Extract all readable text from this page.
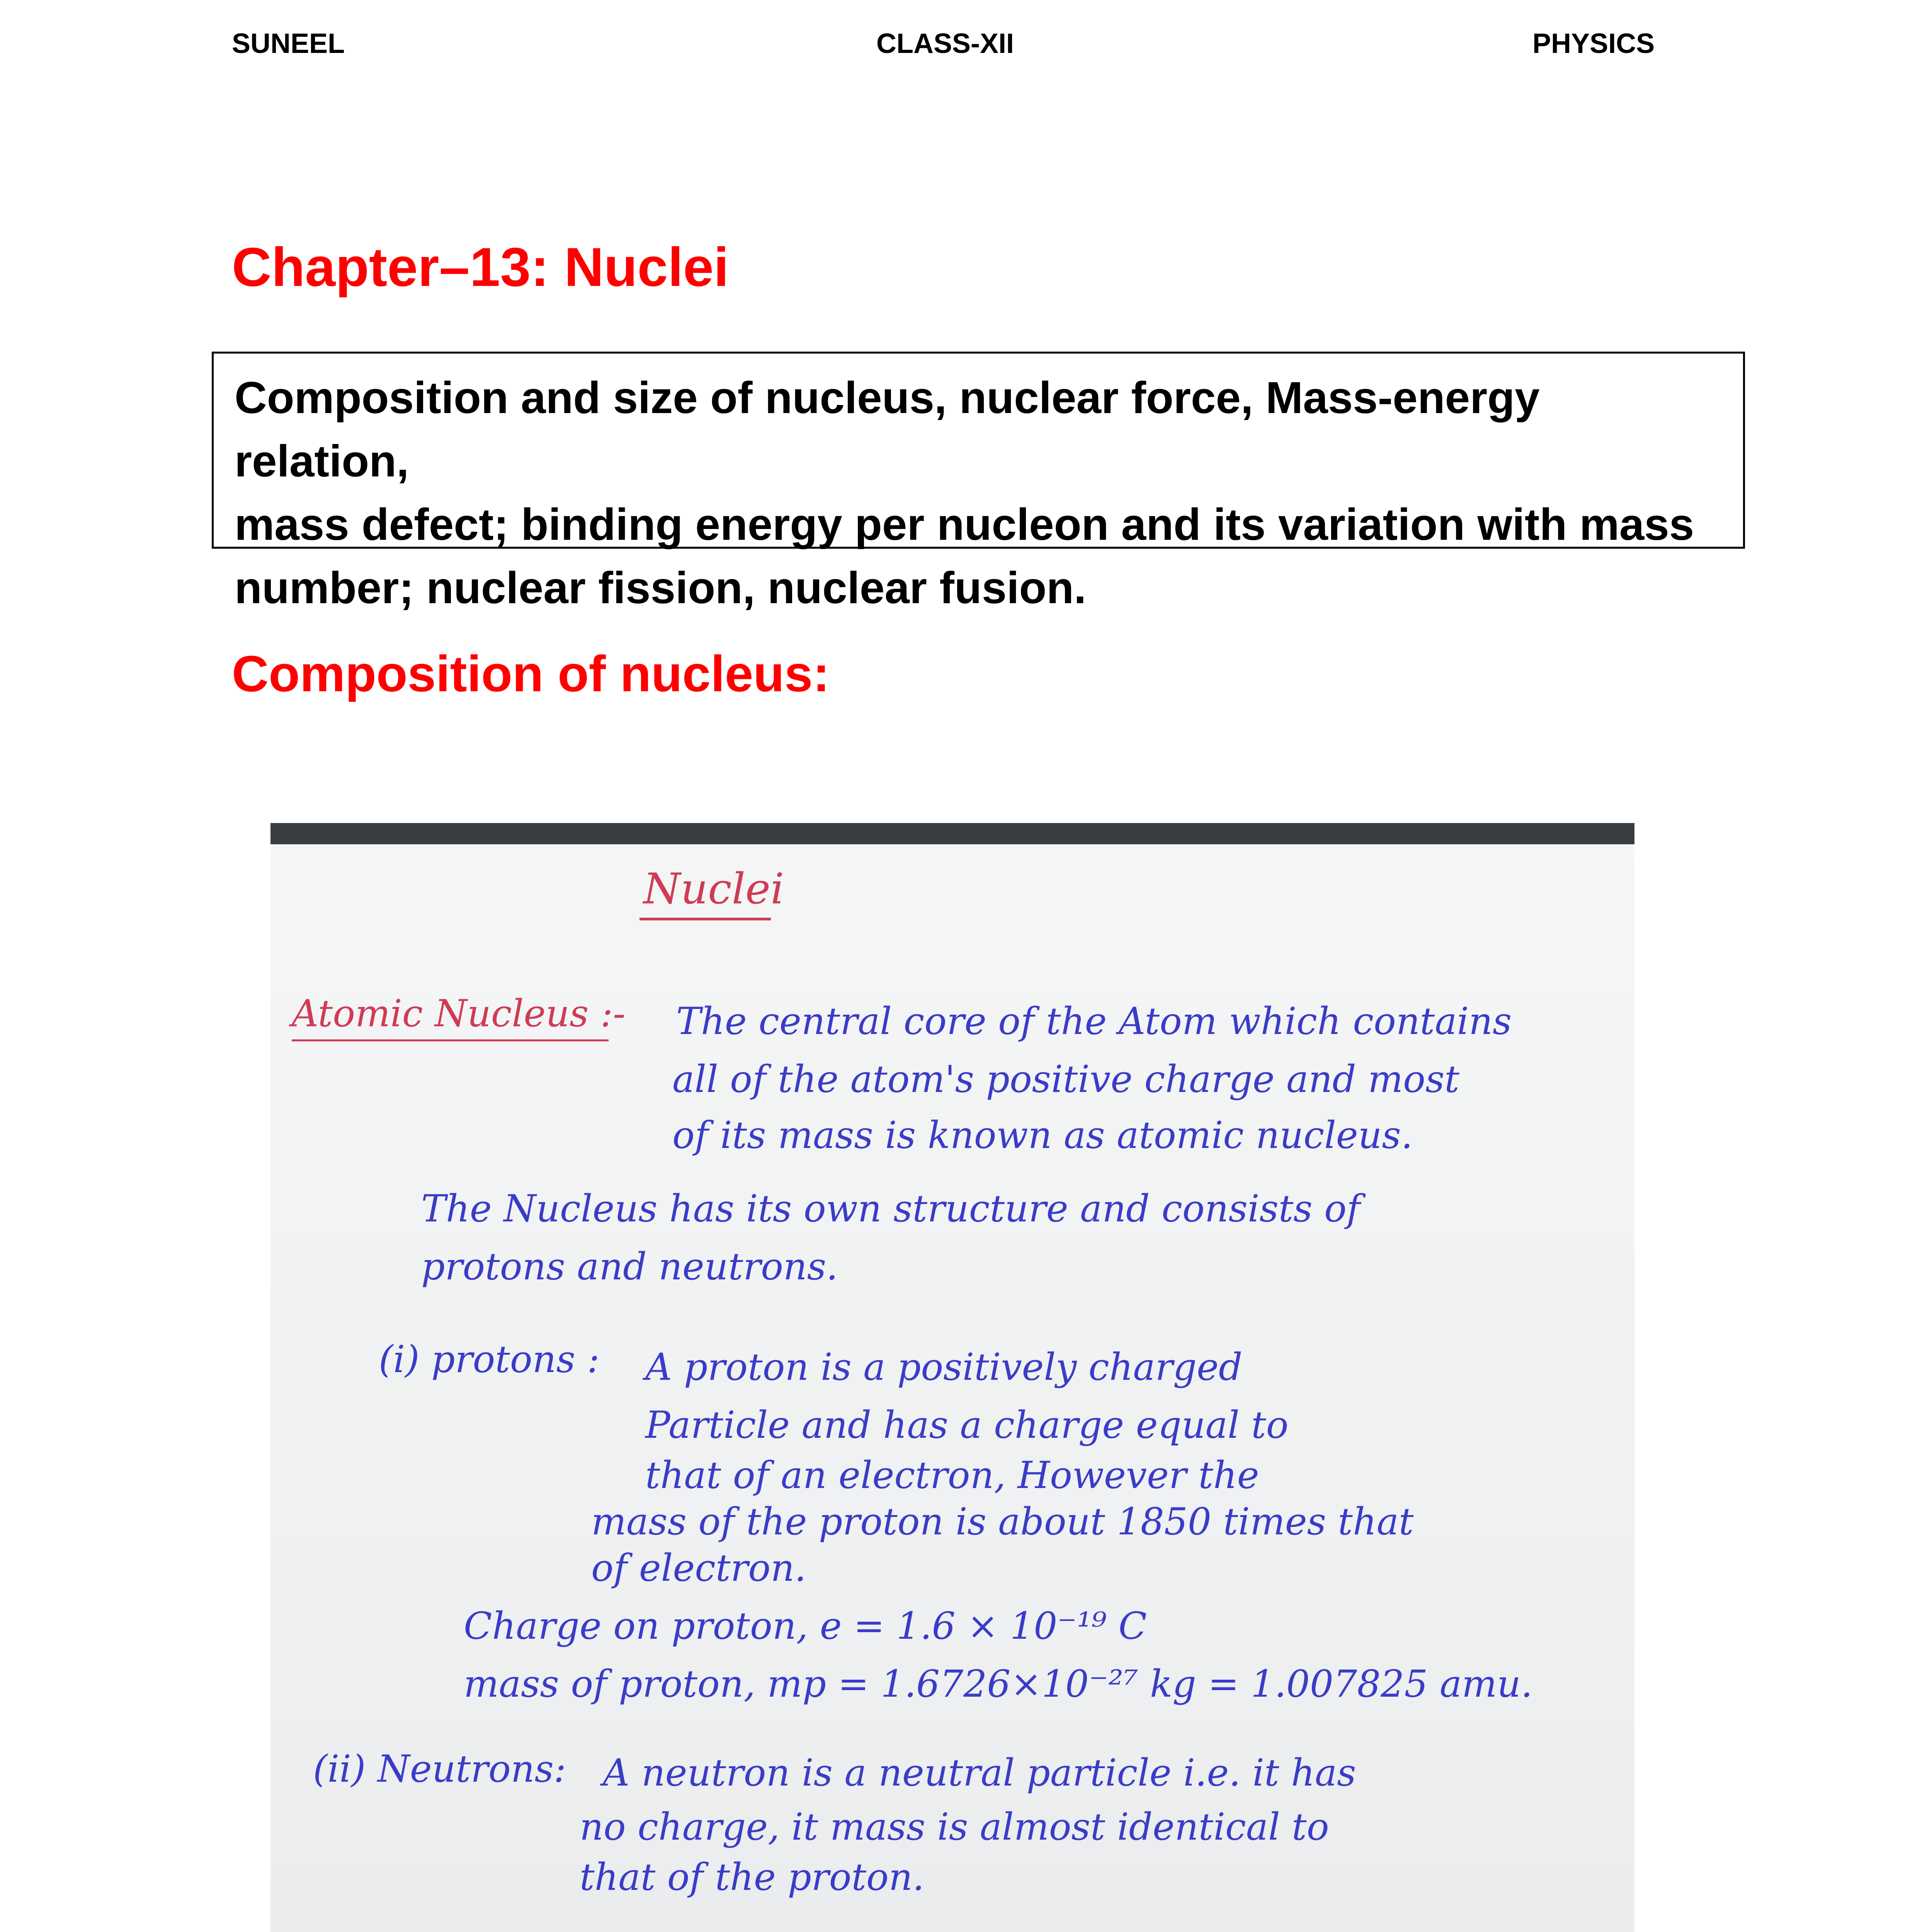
SUNEEL	CLASS-XII	PHYSICS
Chapter–13: Nuclei
Composition and size of nucleus, nuclear force, Mass-energy relation,
mass defect; binding energy per nucleon and its variation with mass
number; nuclear fission, nuclear fusion.
Composition of nucleus:
Nuclei
Atomic Nucleus :- The central core of the Atom which contains
all of the atom's positive charge and most
of its mass is known as atomic nucleus.
The Nucleus has its own structure and consists of
protons and neutrons.
(i) protons : A proton is a positively charged
Particle and has a charge equal to
that of an electron, However the
mass of the proton is about 1850 times that
of electron.
Charge on proton, e = 1.6 × 10⁻¹⁹ C
mass of proton, mp = 1.6726×10⁻²⁷ kg = 1.007825 amu.
(ii) Neutrons: A neutron is a neutral particle i.e. it has
no charge, it mass is almost identical to
that of the proton.
